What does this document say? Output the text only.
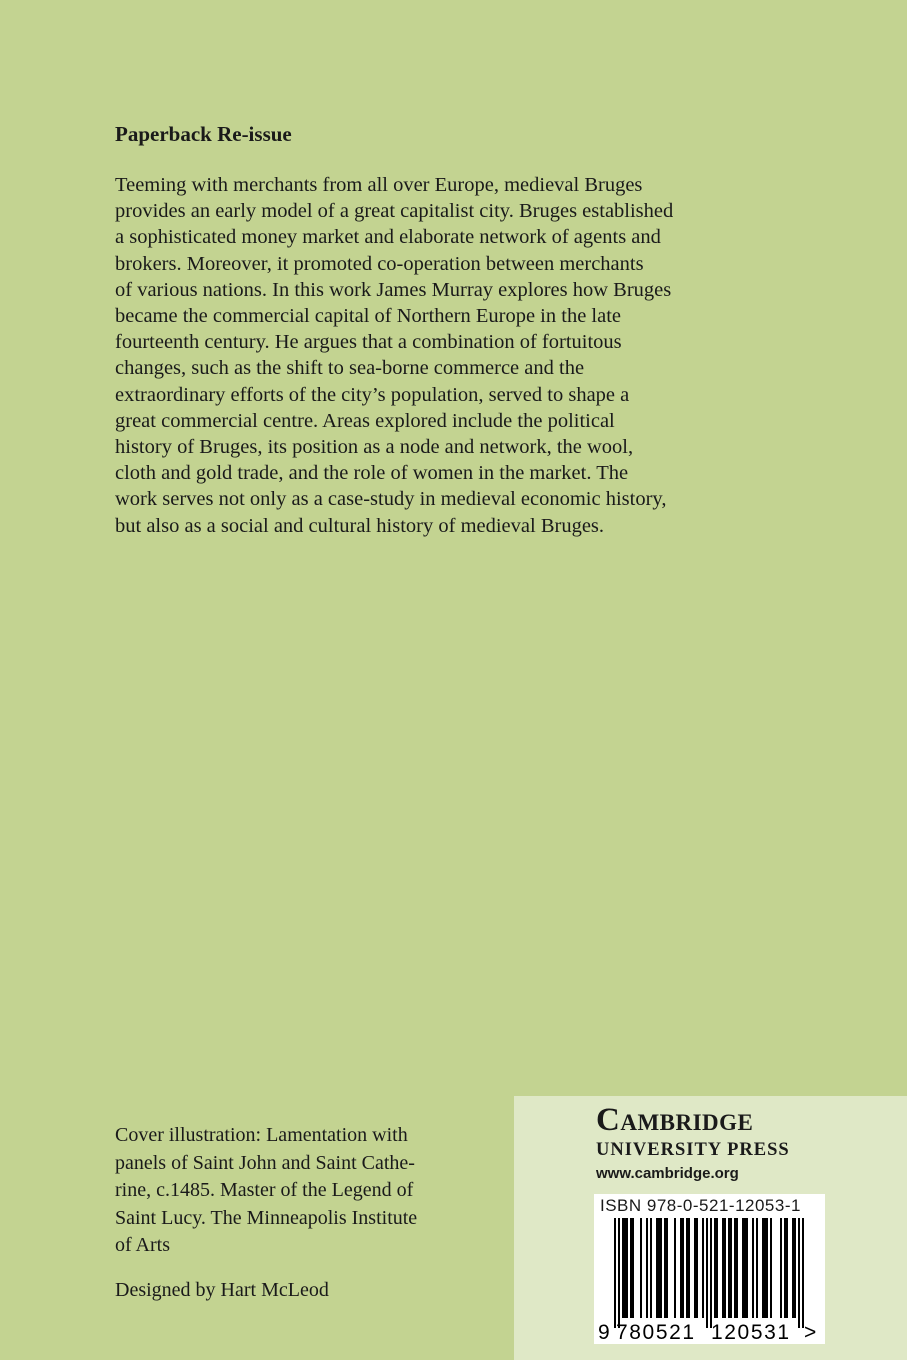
Paperback Re-issue

Teeming with merchants from all over Europe, medieval Bruges
provides an early model of a great capitalist city. Bruges established
a sophisticated money market and elaborate network of agents and
brokers. Moreover, it promoted co-operation between merchants
of various nations. In this work James Murray explores how Bruges
became the commercial capital of Northern Europe in the late
fourteenth century. He argues that a combination of fortuitous
changes, such as the shift to sea-borne commerce and the
extraordinary efforts of the city’s population, served to shape a
great commercial centre. Areas explored include the political
history of Bruges, its position as a node and network, the wool,
cloth and gold trade, and the role of women in the market. The
work serves not only as a case-study in medieval economic history,
but also as a social and cultural history of medieval Bruges.

Cover illustration: Lamentation with
panels of Saint John and Saint Cathe-
rine, c.1485. Master of the Legend of
Saint Lucy. The Minneapolis Institute
of Arts

Designed by Hart McLeod

Cambridge

UNIVERSITY PRESS

www.cambridge.org

ISBN 978-0-521-12053-1

9 780521 120531 >
